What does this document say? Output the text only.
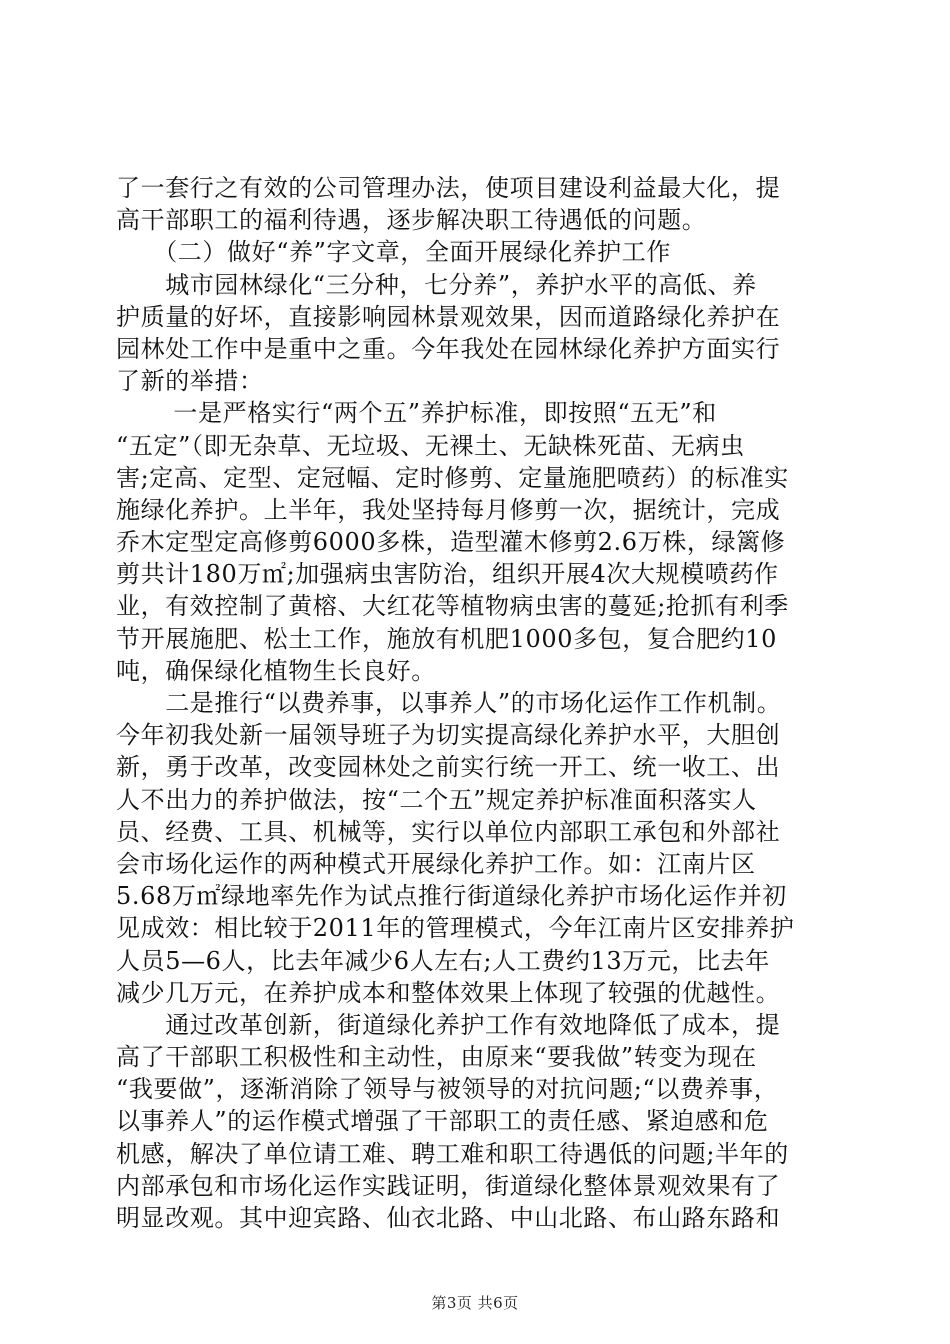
了一套行之有效的公司管理办法，使项目建设利益最大化，提
高干部职工的福利待遇，逐步解决职工待遇低的问题。
　　（二）做好“养”字文章，全面开展绿化养护工作
　　城市园林绿化“三分种，七分养”，养护水平的高低、养
护质量的好坏，直接影响园林景观效果，因而道路绿化养护在
园林处工作中是重中之重。今年我处在园林绿化养护方面实行
了新的举措：
　　 一是严格实行“两个五”养护标准，即按照“五无”和
“五定”（即无杂草、无垃圾、无裸土、无缺株死苗、无病虫
害;定高、定型、定冠幅、定时修剪、定量施肥喷药）的标准实
施绿化养护。上半年，我处坚持每月修剪一次，据统计，完成
乔木定型定高修剪6000多株，造型灌木修剪2.6万株，绿篱修
剪共计180万㎡;加强病虫害防治，组织开展4次大规模喷药作
业，有效控制了黄榕、大红花等植物病虫害的蔓延;抢抓有利季
节开展施肥、松土工作，施放有机肥1000多包，复合肥约10
吨，确保绿化植物生长良好。
　　二是推行“以费养事，以事养人”的市场化运作工作机制。
今年初我处新一届领导班子为切实提高绿化养护水平，大胆创
新，勇于改革，改变园林处之前实行统一开工、统一收工、出
人不出力的养护做法，按“二个五”规定养护标准面积落实人
员、经费、工具、机械等，实行以单位内部职工承包和外部社
会市场化运作的两种模式开展绿化养护工作。如：江南片区
5.68万㎡绿地率先作为试点推行街道绿化养护市场化运作并初
见成效：相比较于2011年的管理模式，今年江南片区安排养护
人员5—6人，比去年减少6人左右;人工费约13万元，比去年
减少几万元，在养护成本和整体效果上体现了较强的优越性。
　　通过改革创新，街道绿化养护工作有效地降低了成本，提
高了干部职工积极性和主动性，由原来“要我做”转变为现在
“我要做”，逐渐消除了领导与被领导的对抗问题;“以费养事，
以事养人”的运作模式增强了干部职工的责任感、紧迫感和危
机感，解决了单位请工难、聘工难和职工待遇低的问题;半年的
内部承包和市场化运作实践证明，街道绿化整体景观效果有了
明显改观。其中迎宾路、仙衣北路、中山北路、布山路东路和
第3页 共6页
